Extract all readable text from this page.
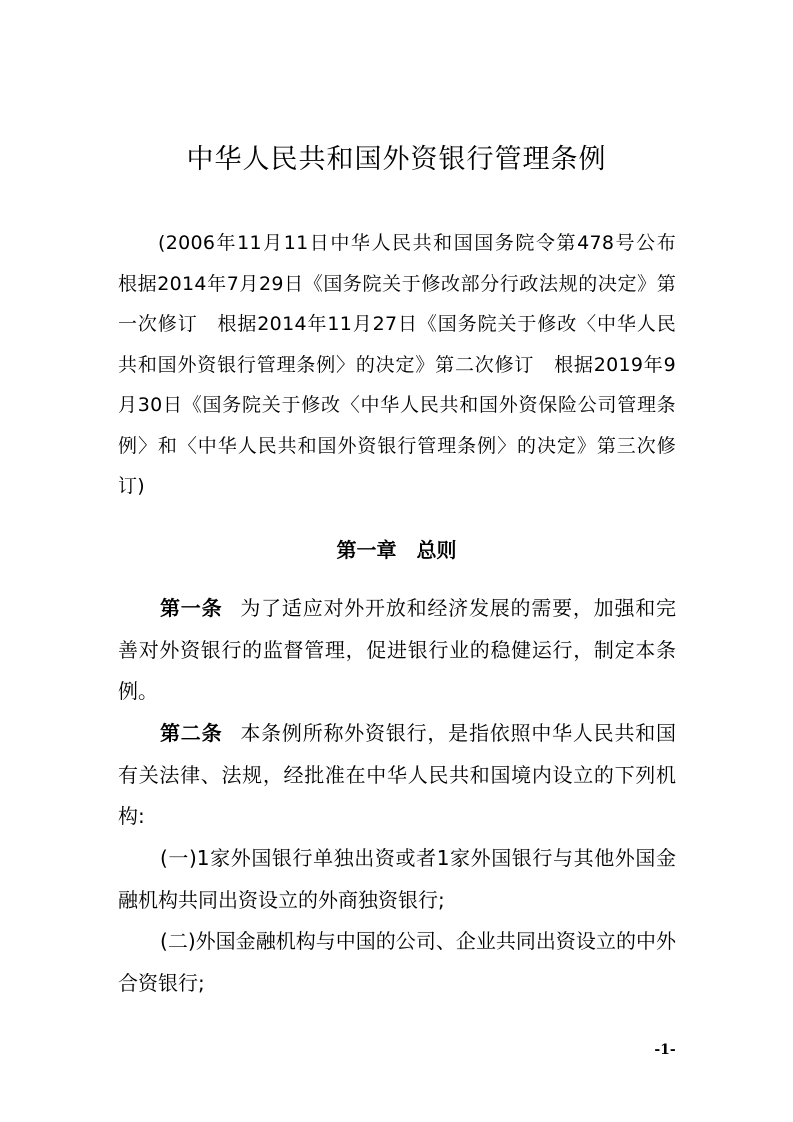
中华人民共和国外资银行管理条例
(2006年11月11日中华人民共和国国务院令第478号公布　根据2014年7月29日《国务院关于修改部分行政法规的决定》第一次修订　根据2014年11月27日《国务院关于修改〈中华人民共和国外资银行管理条例〉的决定》第二次修订　根据2019年9月30日《国务院关于修改〈中华人民共和国外资保险公司管理条例〉和〈中华人民共和国外资银行管理条例〉的决定》第三次修订)
第一章　总则
第一条 为了适应对外开放和经济发展的需要，加强和完善对外资银行的监督管理，促进银行业的稳健运行，制定本条例。
第二条 本条例所称外资银行，是指依照中华人民共和国有关法律、法规，经批准在中华人民共和国境内设立的下列机构:
(一)1家外国银行单独出资或者1家外国银行与其他外国金融机构共同出资设立的外商独资银行;
(二)外国金融机构与中国的公司、企业共同出资设立的中外合资银行;
-1-
